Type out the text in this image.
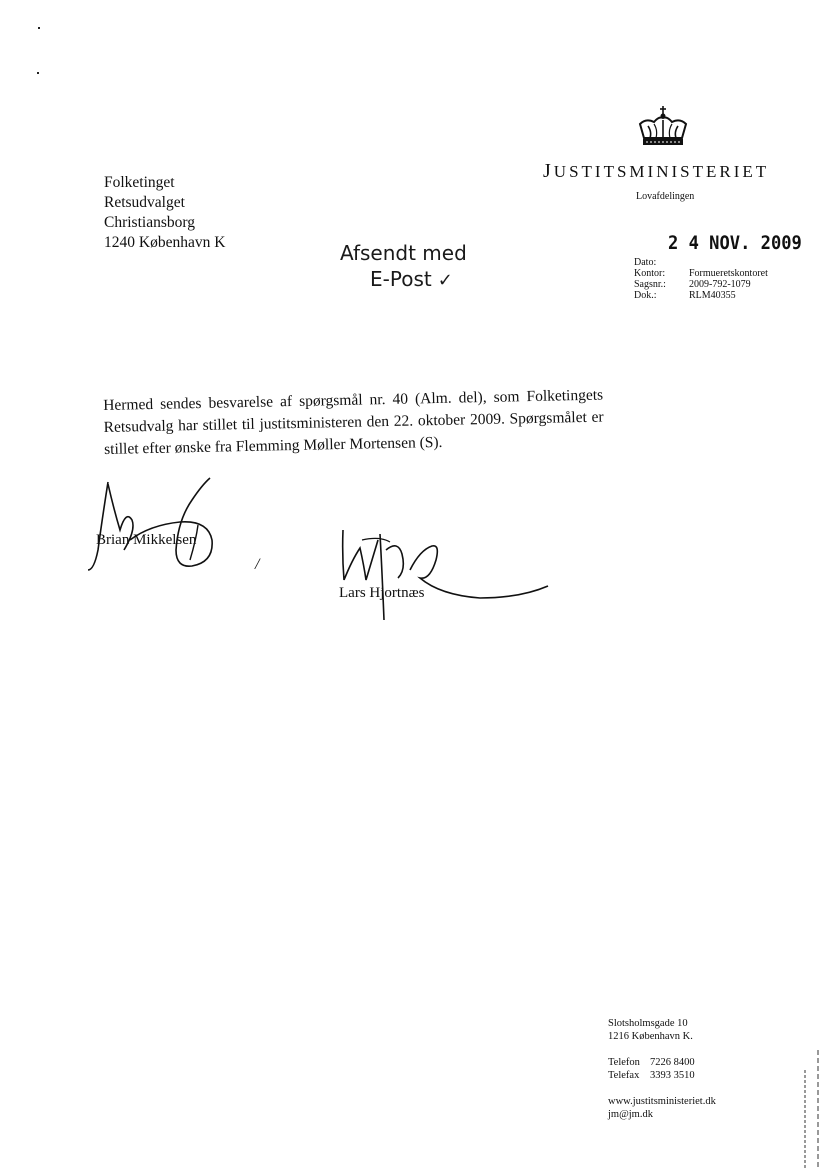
Folketinget
Retsudvalget
Christiansborg
1240 København K
JUSTITSMINISTERIET
Lovafdelingen
2 4 NOV. 2009
Afsendt med
E-Post ✓
Dato:
Kontor:	Formueretskontoret
Sagsnr.:	2009-792-1079
Dok.:	RLM40355

Hermed sendes besvarelse af spørgsmål nr. 40 (Alm. del), som Folketingets Retsudvalg har stillet til justitsministeren den 22. oktober 2009. Spørgsmålet er stillet efter ønske fra Flemming Møller Mortensen (S).

Brian Mikkelsen
/
Lars Hjortnæs
Slotsholmsgade 10
1216 København K.
Telefon 7226 8400
Telefax 3393 3510
www.justitsministeriet.dk
jm@jm.dk
